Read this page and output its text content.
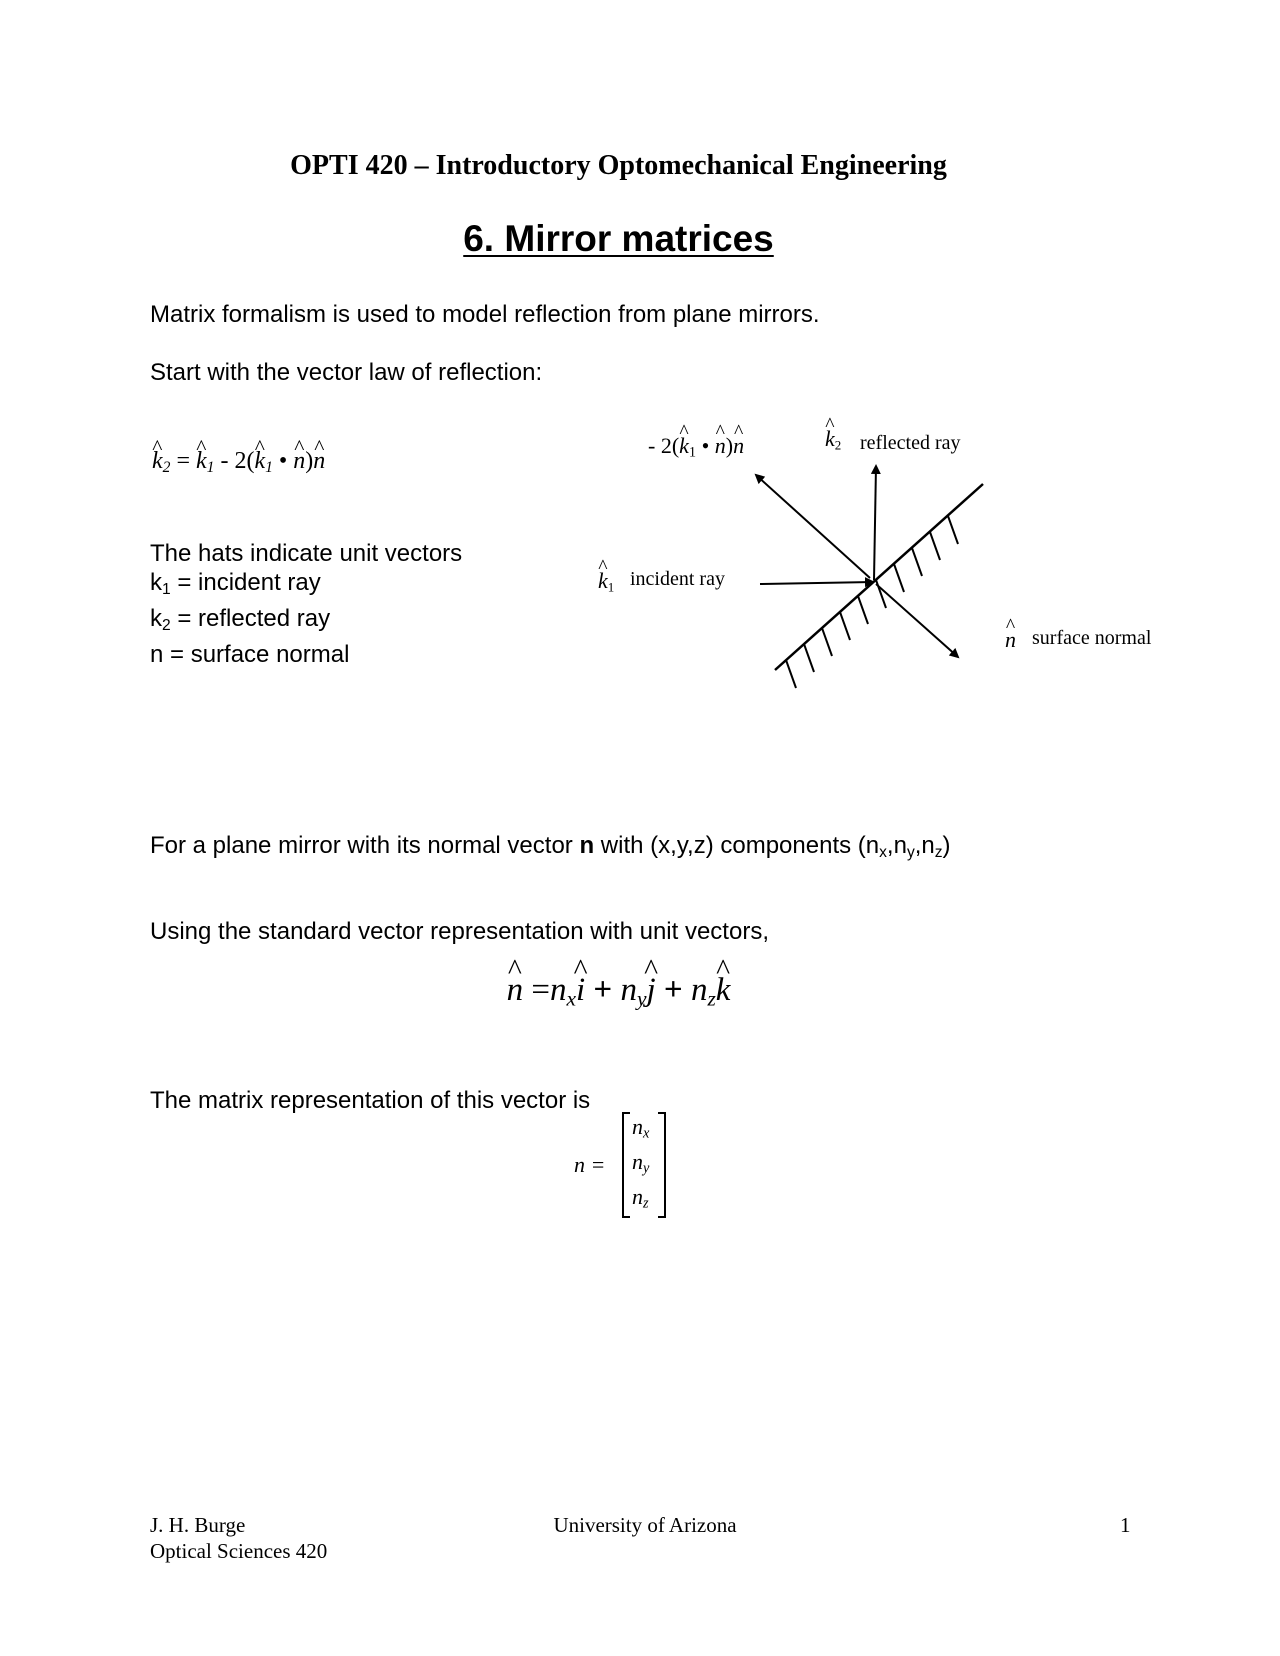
OPTI 420 – Introductory Optomechanical Engineering
6. Mirror matrices
Matrix formalism is used to model reflection from plane mirrors.
Start with the vector law of reflection:
^ $k_2$ = ^ $k_1$ - 2(^ $k_1$ • ^ n)^ n
The hats indicate unit vectors
$k_1$ = incident ray
$k_2$ = reflected ray
n = surface normal
- 2(^ $k_1$ • ^ n)^ n	^ $k_2$ reflected ray
^ $k_1$ incident ray
^ n surface normal
For a plane mirror with its normal vector n with (x,y,z) components $(n_x,n_y,n_z)$
Using the standard vector representation with unit vectors,
^ $n =n_x\^{}$ $i + n_y\^{}$ $j + n_z\^{}$ k
The matrix representation of this vector is
n =
$n_x$
$n_y$
$n_z$
J. H. Burge
Optical Sciences 420
University of Arizona	1
